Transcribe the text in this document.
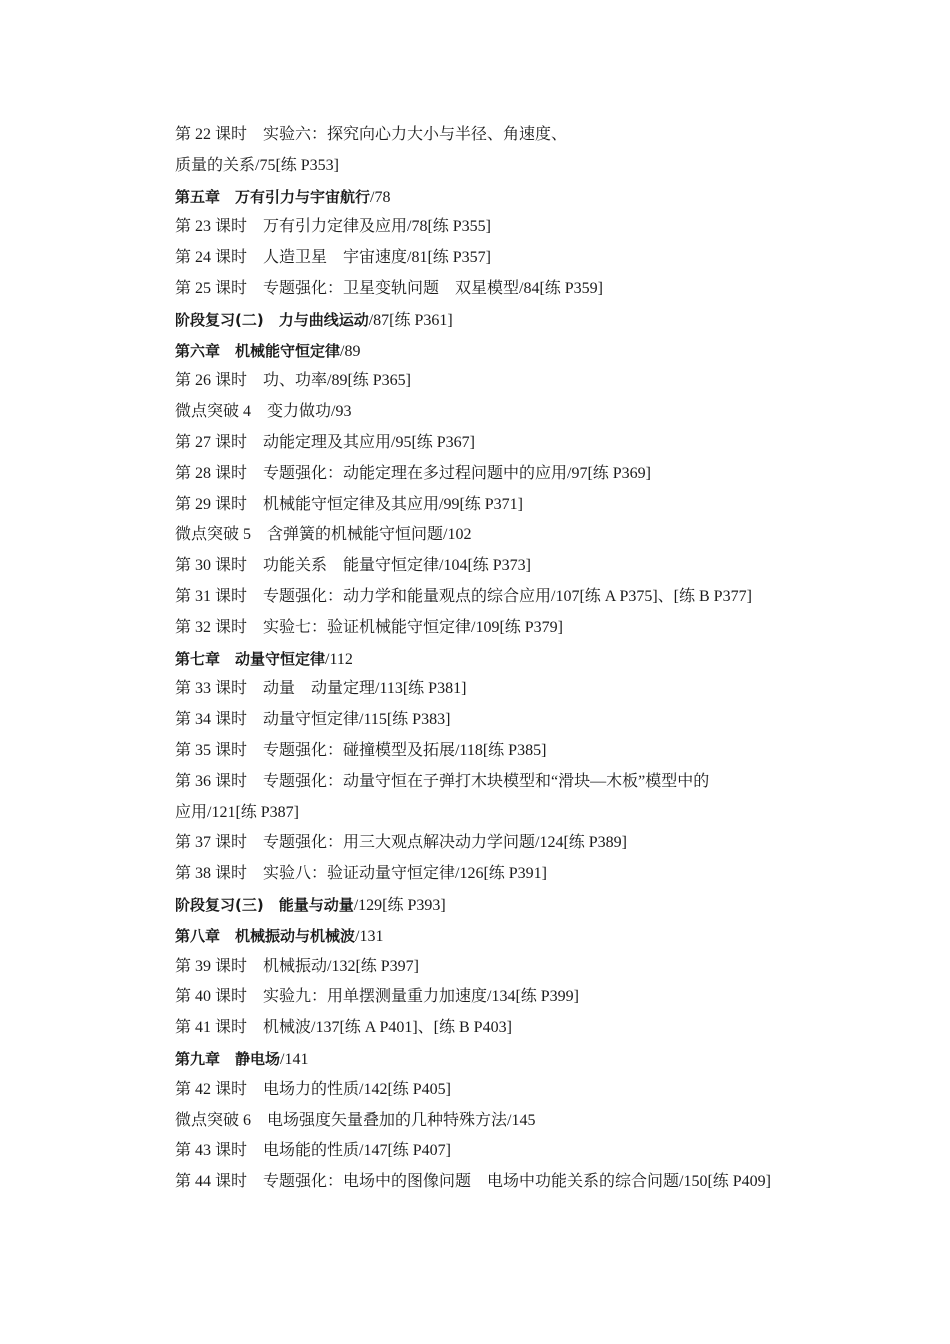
第 22 课时　实验六：探究向心力大小与半径、角速度、
质量的关系/75[练 P353]
第五章　万有引力与宇宙航行/78
第 23 课时　万有引力定律及应用/78[练 P355]
第 24 课时　人造卫星　宇宙速度/81[练 P357]
第 25 课时　专题强化：卫星变轨问题　双星模型/84[练 P359]
阶段复习(二)　力与曲线运动/87[练 P361]
第六章　机械能守恒定律/89
第 26 课时　功、功率/89[练 P365]
微点突破 4　变力做功/93
第 27 课时　动能定理及其应用/95[练 P367]
第 28 课时　专题强化：动能定理在多过程问题中的应用/97[练 P369]
第 29 课时　机械能守恒定律及其应用/99[练 P371]
微点突破 5　含弹簧的机械能守恒问题/102
第 30 课时　功能关系　能量守恒定律/104[练 P373]
第 31 课时　专题强化：动力学和能量观点的综合应用/107[练 A P375]、[练 B P377]
第 32 课时　实验七：验证机械能守恒定律/109[练 P379]
第七章　动量守恒定律/112
第 33 课时　动量　动量定理/113[练 P381]
第 34 课时　动量守恒定律/115[练 P383]
第 35 课时　专题强化：碰撞模型及拓展/118[练 P385]
第 36 课时　专题强化：动量守恒在子弹打木块模型和“滑块—木板”模型中的
应用/121[练 P387]
第 37 课时　专题强化：用三大观点解决动力学问题/124[练 P389]
第 38 课时　实验八：验证动量守恒定律/126[练 P391]
阶段复习(三)　能量与动量/129[练 P393]
第八章　机械振动与机械波/131
第 39 课时　机械振动/132[练 P397]
第 40 课时　实验九：用单摆测量重力加速度/134[练 P399]
第 41 课时　机械波/137[练 A P401]、[练 B P403]
第九章　静电场/141
第 42 课时　电场力的性质/142[练 P405]
微点突破 6　电场强度矢量叠加的几种特殊方法/145
第 43 课时　电场能的性质/147[练 P407]
第 44 课时　专题强化：电场中的图像问题　电场中功能关系的综合问题/150[练 P409]
